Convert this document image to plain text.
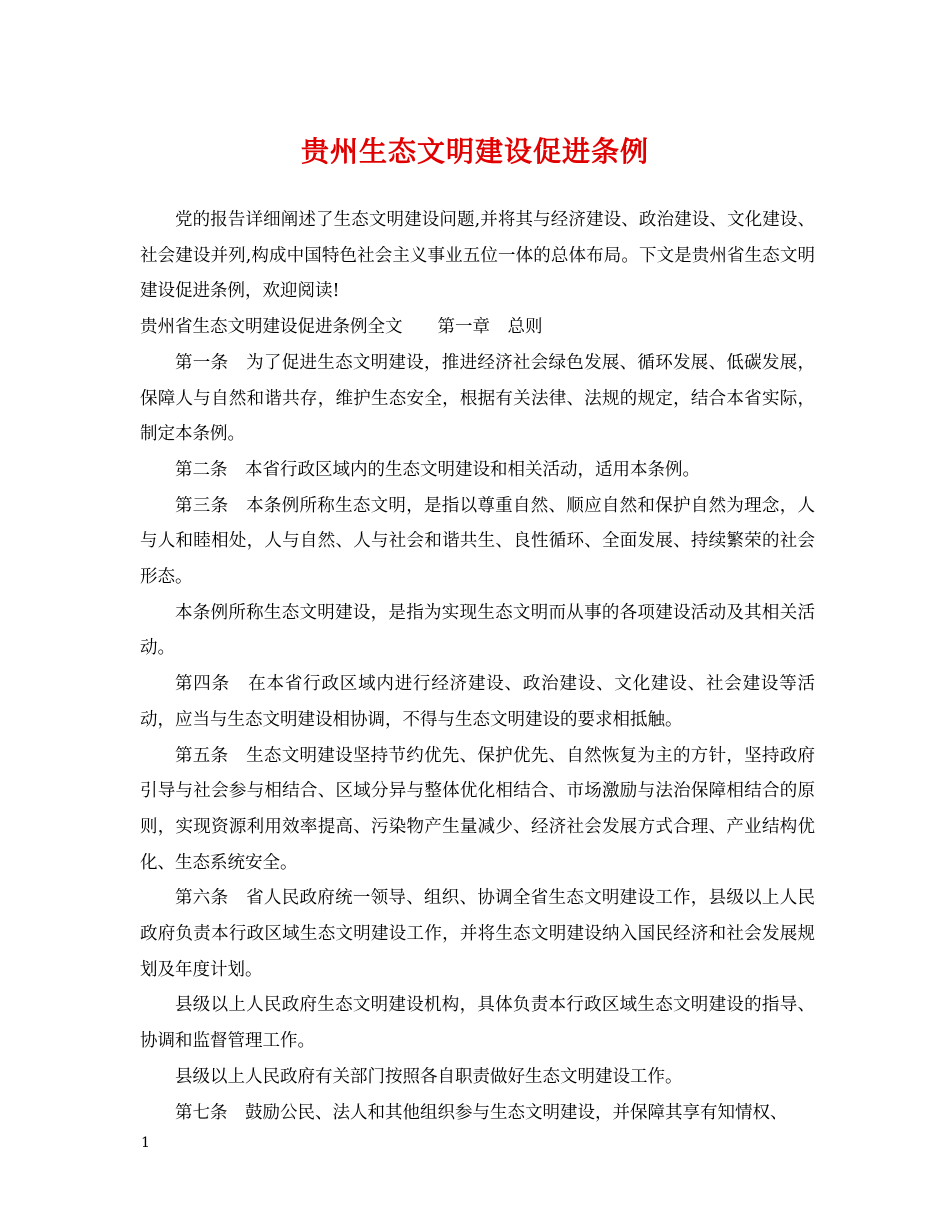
贵州生态文明建设促进条例

党的报告详细阐述了生态文明建设问题,并将其与经济建设、政治建设、文化建设、社会建设并列,构成中国特色社会主义事业五位一体的总体布局。下文是贵州省生态文明建设促进条例，欢迎阅读!

贵州省生态文明建设促进条例全文　　第一章　总则

第一条　为了促进生态文明建设，推进经济社会绿色发展、循环发展、低碳发展，保障人与自然和谐共存，维护生态安全，根据有关法律、法规的规定，结合本省实际，制定本条例。

第二条　本省行政区域内的生态文明建设和相关活动，适用本条例。

第三条　本条例所称生态文明，是指以尊重自然、顺应自然和保护自然为理念，人与人和睦相处，人与自然、人与社会和谐共生、良性循环、全面发展、持续繁荣的社会形态。

本条例所称生态文明建设，是指为实现生态文明而从事的各项建设活动及其相关活动。

第四条　在本省行政区域内进行经济建设、政治建设、文化建设、社会建设等活动，应当与生态文明建设相协调，不得与生态文明建设的要求相抵触。

第五条　生态文明建设坚持节约优先、保护优先、自然恢复为主的方针，坚持政府引导与社会参与相结合、区域分异与整体优化相结合、市场激励与法治保障相结合的原则，实现资源利用效率提高、污染物产生量减少、经济社会发展方式合理、产业结构优化、生态系统安全。

第六条　省人民政府统一领导、组织、协调全省生态文明建设工作，县级以上人民政府负责本行政区域生态文明建设工作，并将生态文明建设纳入国民经济和社会发展规划及年度计划。

县级以上人民政府生态文明建设机构，具体负责本行政区域生态文明建设的指导、协调和监督管理工作。

县级以上人民政府有关部门按照各自职责做好生态文明建设工作。

第七条　鼓励公民、法人和其他组织参与生态文明建设，并保障其享有知情权、

1
